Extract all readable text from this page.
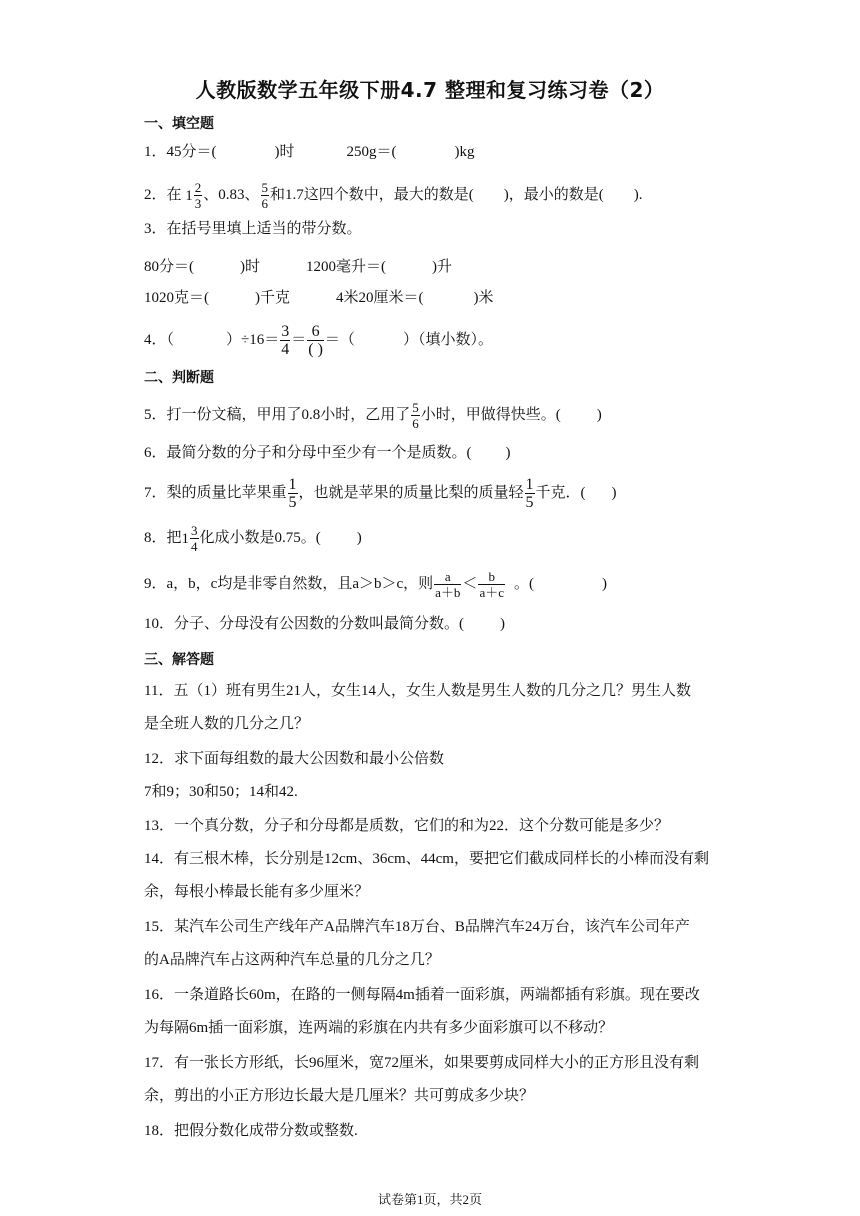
人教版数学五年级下册4.7 整理和复习练习卷（2）
一、填空题
1．45分＝(	)时	250g＝(	)kg
2．在 $1 \frac{2}{3}$ 、0.83、 $\frac{5}{6}$ 和1.7这四个数中，最大的数是( )，最小的数是( ).
3．在括号里填上适当的带分数。
80分＝(	)时	1200毫升＝(	)升
1020克＝(	)千克	4米20厘米＝(	)米
4．（	）$\div 16= \frac{3}{4} = \frac{6}{( )}$ ＝（	）（填小数）。
二、判断题
5．打一份文稿，甲用了0.8小时，乙用了 $\frac{5}{6}$ 小时，甲做得快些。( )
6．最简分数的分子和分母中至少有一个是质数。( )
7．梨的质量比苹果重 $\frac{1}{5}$ ，也就是苹果的质量比梨的质量轻 $\frac{1}{5}$ 千克．( )
8．把$1 \frac{3}{4}$ 化成小数是0.75。( )
9．a，b，c均是非零自然数，且a＞b＞c，则 $\frac{a}{a+b} < \frac{b}{a+c}$ 。(	)
10．分子、分母没有公因数的分数叫最简分数。( )
三、解答题
11．五（1）班有男生21人，女生14人，女生人数是男生人数的几分之几？男生人数
是全班人数的几分之几？
12．求下面每组数的最大公因数和最小公倍数
7和9；30和50；14和42.
13．一个真分数，分子和分母都是质数，它们的和为22．这个分数可能是多少？
14．有三根木棒，长分别是12cm、36cm、44cm，要把它们截成同样长的小棒而没有剩
余，每根小棒最长能有多少厘米？
15．某汽车公司生产线年产A品牌汽车18万台、B品牌汽车24万台，该汽车公司年产
的A品牌汽车占这两种汽车总量的几分之几？
16．一条道路长60m，在路的一侧每隔4m插着一面彩旗，两端都插有彩旗。现在要改
为每隔6m插一面彩旗，连两端的彩旗在内共有多少面彩旗可以不移动？
17．有一张长方形纸，长96厘米，宽72厘米，如果要剪成同样大小的正方形且没有剩
余，剪出的小正方形边长最大是几厘米？共可剪成多少块？
18．把假分数化成带分数或整数.
试卷第1页，共2页
